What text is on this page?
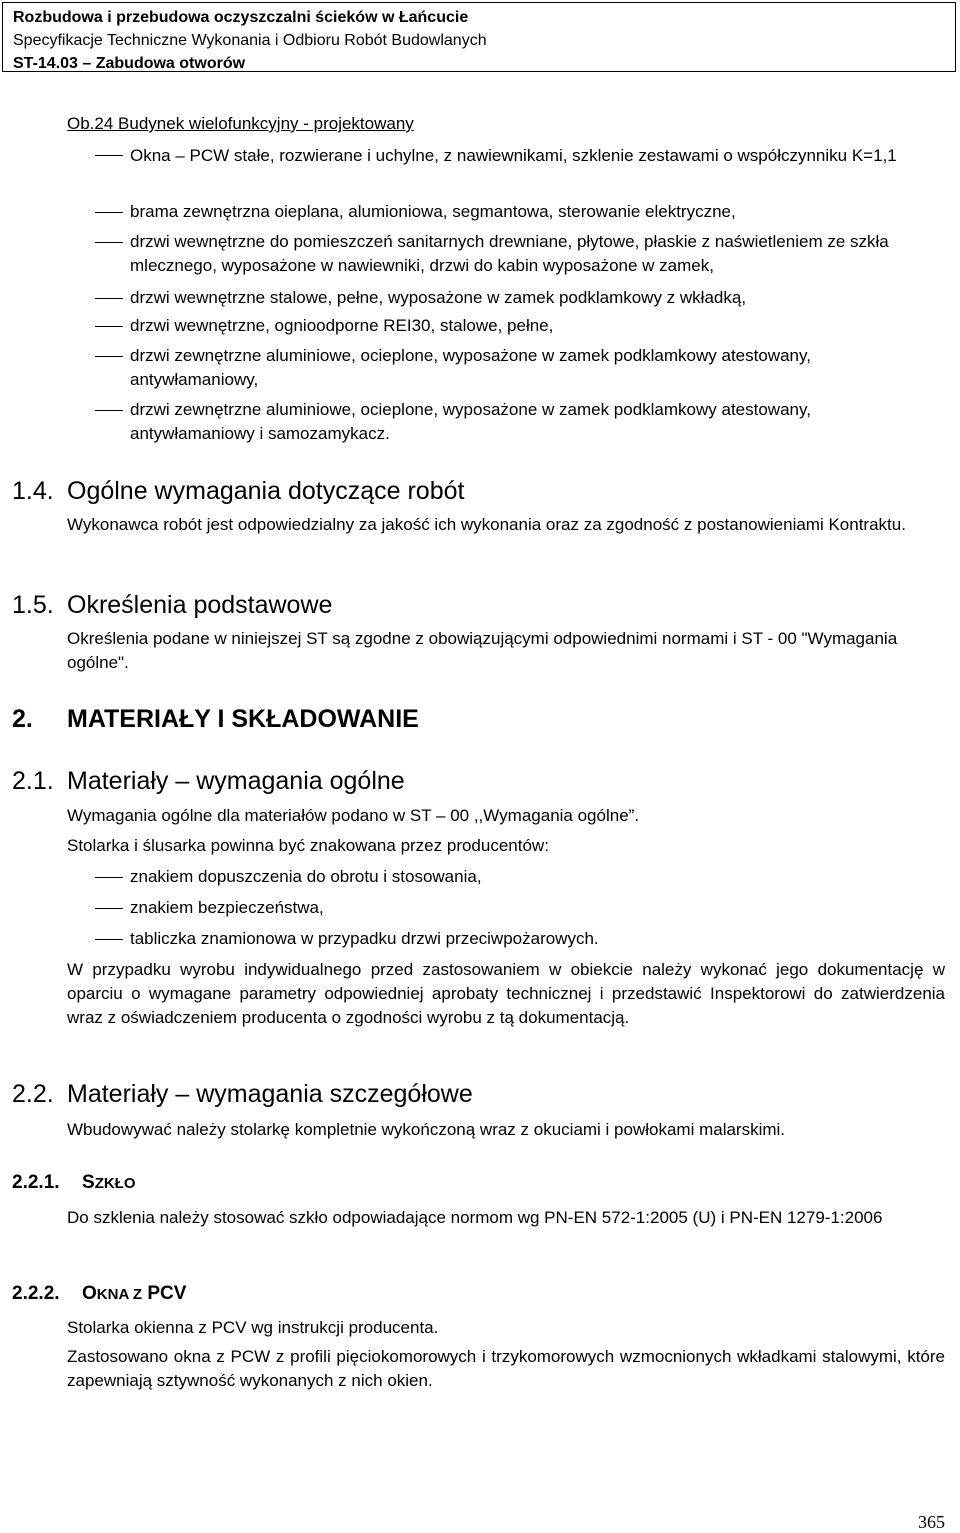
Rozbudowa i przebudowa oczyszczalni ścieków w Łańcucie
Specyfikacje Techniczne Wykonania i Odbioru Robót Budowlanych
ST-14.03 – Zabudowa otworów
Ob.24 Budynek wielofunkcyjny - projektowany
Okna – PCW stałe, rozwierane i uchylne, z nawiewnikami, szklenie zestawami o współczynniku K=1,1
brama zewnętrzna oieplana, alumioniowa, segmantowa, sterowanie elektryczne,
drzwi wewnętrzne do pomieszczeń sanitarnych drewniane, płytowe, płaskie z naświetleniem ze szkła mlecznego, wyposażone w nawiewniki, drzwi do kabin wyposażone w zamek,
drzwi wewnętrzne stalowe, pełne, wyposażone w zamek podklamkowy z wkładką,
drzwi wewnętrzne, ognioodporne REI30, stalowe, pełne,
drzwi zewnętrzne aluminiowe, ocieplone, wyposażone w zamek podklamkowy atestowany, antywłamaniowy,
drzwi zewnętrzne aluminiowe, ocieplone, wyposażone w zamek podklamkowy atestowany, antywłamaniowy i samozamykacz.
1.4. Ogólne wymagania dotyczące robót
Wykonawca robót jest odpowiedzialny za jakość ich wykonania oraz za zgodność z postanowieniami Kontraktu.
1.5. Określenia podstawowe
Określenia podane w niniejszej ST są zgodne z obowiązującymi odpowiednimi normami i ST - 00 "Wymagania ogólne".
2. MATERIAŁY I SKŁADOWANIE
2.1. Materiały – wymagania ogólne
Wymagania ogólne dla materiałów podano w ST – 00 ,,Wymagania ogólne”.
Stolarka i ślusarka powinna być znakowana przez producentów:
znakiem dopuszczenia do obrotu i stosowania,
znakiem bezpieczeństwa,
tabliczka znamionowa w przypadku drzwi przeciwpożarowych.
W przypadku wyrobu indywidualnego przed zastosowaniem w obiekcie należy wykonać jego dokumentację w oparciu o wymagane parametry odpowiedniej aprobaty technicznej i przedstawić Inspektorowi do zatwierdzenia wraz z oświadczeniem producenta o zgodności wyrobu z tą dokumentacją.
2.2. Materiały – wymagania szczegółowe
Wbudowywać należy stolarkę kompletnie wykończoną wraz z okuciami i powłokami malarskimi.
2.2.1. SZKŁO
Do szklenia należy stosować szkło odpowiadające normom wg PN-EN 572-1:2005 (U) i PN-EN 1279-1:2006
2.2.2. OKNA Z PCV
Stolarka okienna z PCV wg instrukcji producenta.
Zastosowano okna z PCW z profili pięciokomorowych i trzykomorowych wzmocnionych wkładkami stalowymi, które zapewniają sztywność wykonanych z nich okien.
365
